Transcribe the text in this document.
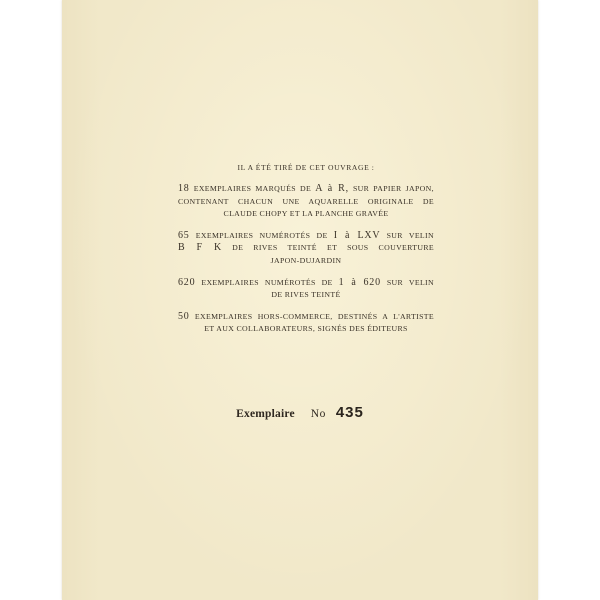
IL A ÉTÉ TIRÉ DE CET OUVRAGE :
18 EXEMPLAIRES MARQUÉS DE A à R, SUR PAPIER JAPON,
CONTENANT CHACUN UNE AQUARELLE ORIGINALE DE
CLAUDE CHOPY ET LA PLANCHE GRAVÉE
65 EXEMPLAIRES NUMÉROTÉS DE I à LXV SUR VELIN
B F K DE RIVES TEINTÉ ET SOUS COUVERTURE
JAPON-DUJARDIN
620 EXEMPLAIRES NUMÉROTÉS DE 1 à 620 SUR VELIN
DE RIVES TEINTÉ
50 EXEMPLAIRES HORS-COMMERCE, DESTINÉS A L'ARTISTE
ET AUX COLLABORATEURS, SIGNÉS DES ÉDITEURS
Exemplaire No 435
